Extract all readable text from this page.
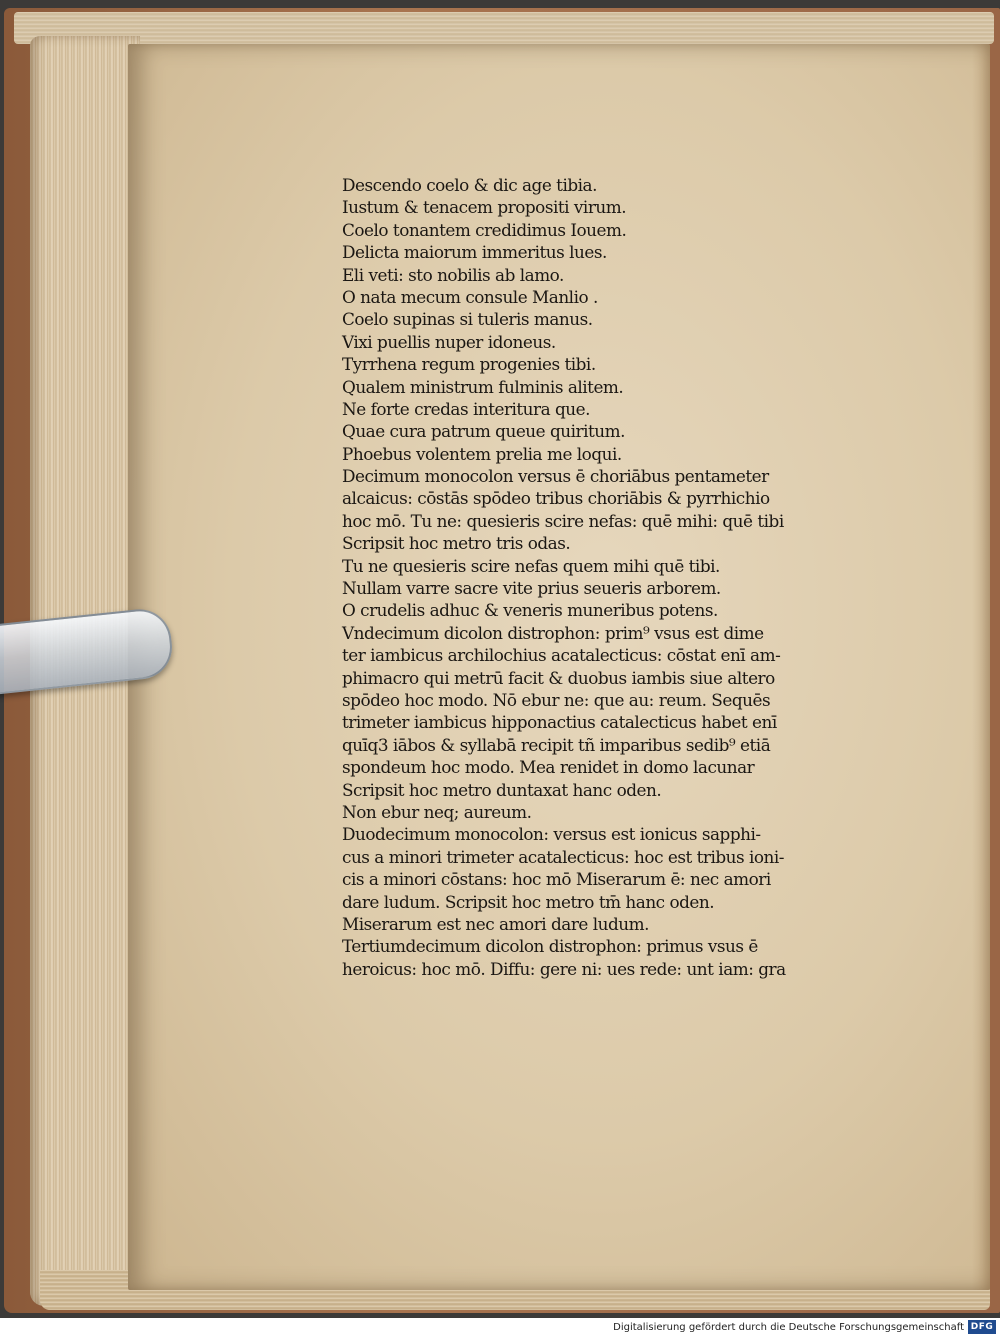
Descendo coelo & dic age tibia.
Iustum & tenacem propositi virum.
Coelo tonantem credidimus Iouem.
Delicta maiorum immeritus lues.
Eli veti: sto nobilis ab lamo.
O nata mecum consule Manlio .
Coelo supinas si tuleris manus.
Vixi puellis nuper idoneus.
Tyrrhena regum progenies tibi.
Qualem ministrum fulminis alitem.
Ne forte credas interitura que.
Quae cura patrum queue quiritum.
Phoebus volentem prelia me loqui.
Decimum monocolon versus ē choriābus pentameter
alcaicus: cōstās spōdeo tribus choriābis & pyrrhichio
hoc mō. Tu ne: quesieris scire nefas: quē mihi: quē tibi
Scripsit hoc metro tris odas.
Tu ne quesieris scire nefas quem mihi quē tibi.
Nullam varre sacre vite prius seueris arborem.
O crudelis adhuc & veneris muneribus potens.
Vndecimum dicolon distrophon: prim⁹ vsus est dime
ter iambicus archilochius acatalecticus: cōstat enī am-
phimacro qui metrū facit & duobus iambis siue altero
spōdeo hoc modo. Nō ebur ne: que au: reum. Sequēs
trimeter iambicus hipponactius catalecticus habet enī
quīq3 iābos & syllabā recipit tñ imparibus sedib⁹ etiā
spondeum hoc modo. Mea renidet in domo lacunar
Scripsit hoc metro duntaxat hanc oden.
Non ebur neq; aureum.
Duodecimum monocolon: versus est ionicus sapphi-
cus a minori trimeter acatalecticus: hoc est tribus ioni-
cis a minori cōstans: hoc mō Miserarum ē: nec amori
dare ludum. Scripsit hoc metro tm̄ hanc oden.
Miserarum est nec amori dare ludum.
Tertiumdecimum dicolon distrophon: primus vsus ē
heroicus: hoc mō. Diffu: gere ni: ues rede: unt iam: gra
Digitalisierung gefördert durch die Deutsche Forschungsgemeinschaft DFG
